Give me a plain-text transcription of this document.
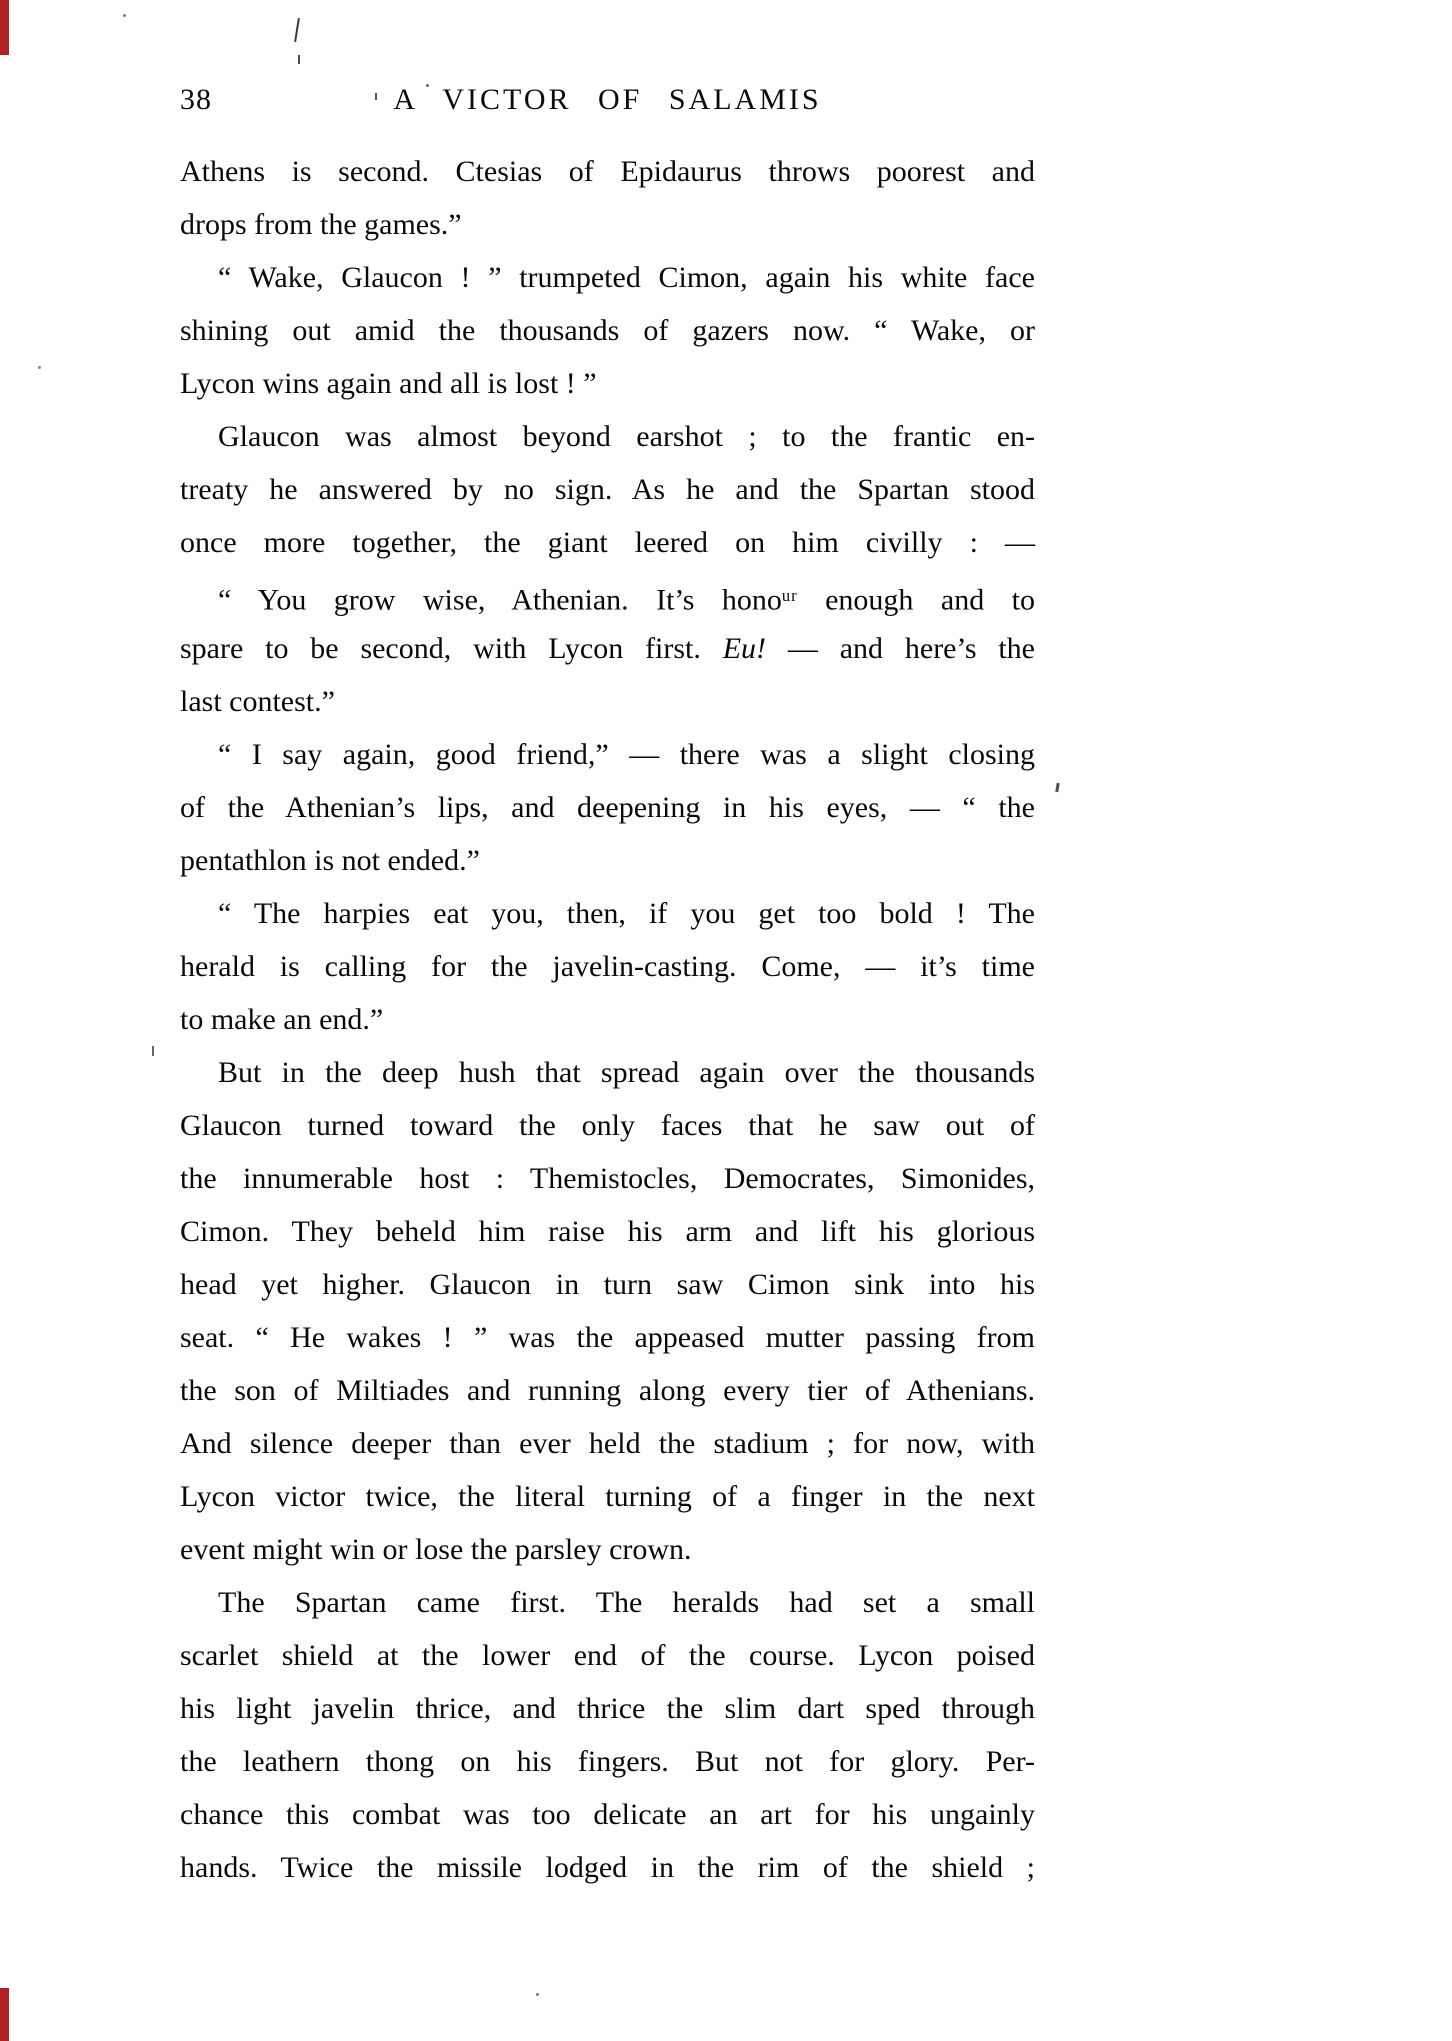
38	A VICTOR OF SALAMIS
Athens is second. Ctesias of Epidaurus throws poorest and
drops from the games.”
“ Wake, Glaucon ! ” trumpeted Cimon, again his white face
shining out amid the thousands of gazers now. “ Wake, or
Lycon wins again and all is lost ! ”
Glaucon was almost beyond earshot ; to the frantic en-
treaty he answered by no sign. As he and the Spartan stood
once more together, the giant leered on him civilly : —
“ You grow wise, Athenian. It’s hono$^{ur}$ enough and to
spare to be second, with Lycon first. Eu! — and here’s the
last contest.”
“ I say again, good friend,” — there was a slight closing
of the Athenian’s lips, and deepening in his eyes, — “ the
pentathlon is not ended.”
“ The harpies eat you, then, if you get too bold ! The
herald is calling for the javelin-casting. Come, — it’s time
to make an end.”
But in the deep hush that spread again over the thousands
Glaucon turned toward the only faces that he saw out of
the innumerable host : Themistocles, Democrates, Simonides,
Cimon. They beheld him raise his arm and lift his glorious
head yet higher. Glaucon in turn saw Cimon sink into his
seat. “ He wakes ! ” was the appeased mutter passing from
the son of Miltiades and running along every tier of Athenians.
And silence deeper than ever held the stadium ; for now, with
Lycon victor twice, the literal turning of a finger in the next
event might win or lose the parsley crown.
The Spartan came first. The heralds had set a small
scarlet shield at the lower end of the course. Lycon poised
his light javelin thrice, and thrice the slim dart sped through
the leathern thong on his fingers. But not for glory. Per-
chance this combat was too delicate an art for his ungainly
hands. Twice the missile lodged in the rim of the shield ;
